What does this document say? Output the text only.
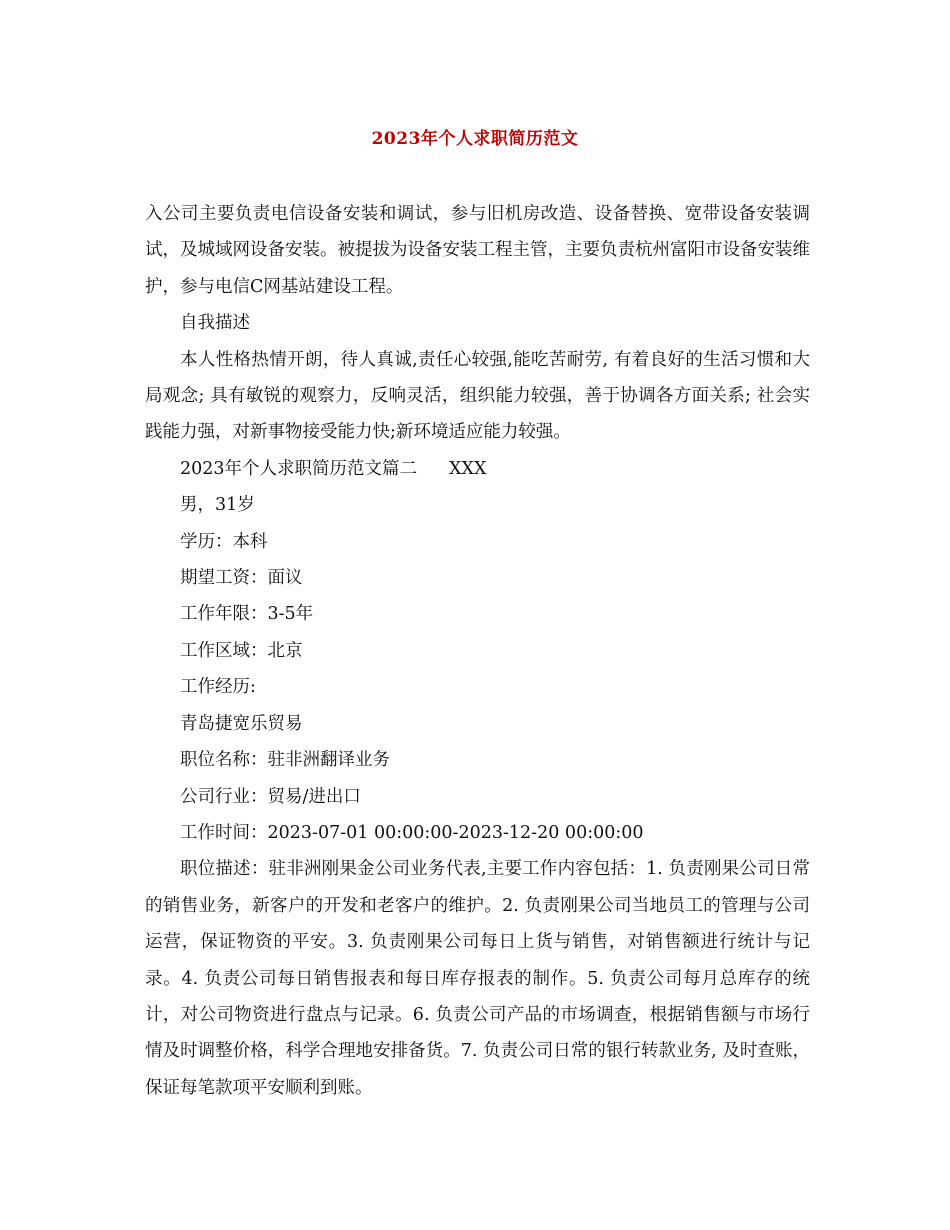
2023年个人求职简历范文

入公司主要负责电信设备安装和调试，参与旧机房改造、设备替换、宽带设备安装调试，及城域网设备安装。被提拔为设备安装工程主管，主要负责杭州富阳市设备安装维护，参与电信C网基站建设工程。

自我描述

本人性格热情开朗，待人真诚,责任心较强,能吃苦耐劳, 有着良好的生活习惯和大局观念; 具有敏锐的观察力，反响灵活，组织能力较强，善于协调各方面关系; 社会实践能力强，对新事物接受能力快;新环境适应能力较强。

2023年个人求职简历范文篇二 XXX

男，31岁

学历：本科

期望工资：面议

工作年限：3-5年

工作区域：北京

工作经历:

青岛捷宽乐贸易

职位名称：驻非洲翻译业务

公司行业：贸易/进出口

工作时间：2023-07-01 00:00:00-2023-12-20 00:00:00

职位描述：驻非洲刚果金公司业务代表,主要工作内容包括：1. 负责刚果公司日常的销售业务，新客户的开发和老客户的维护。2. 负责刚果公司当地员工的管理与公司运营，保证物资的平安。3. 负责刚果公司每日上货与销售，对销售额进行统计与记录。4. 负责公司每日销售报表和每日库存报表的制作。5. 负责公司每月总库存的统计，对公司物资进行盘点与记录。6. 负责公司产品的市场调查，根据销售额与市场行情及时调整价格，科学合理地安排备货。7. 负责公司日常的银行转款业务, 及时查账，保证每笔款项平安顺利到账。
